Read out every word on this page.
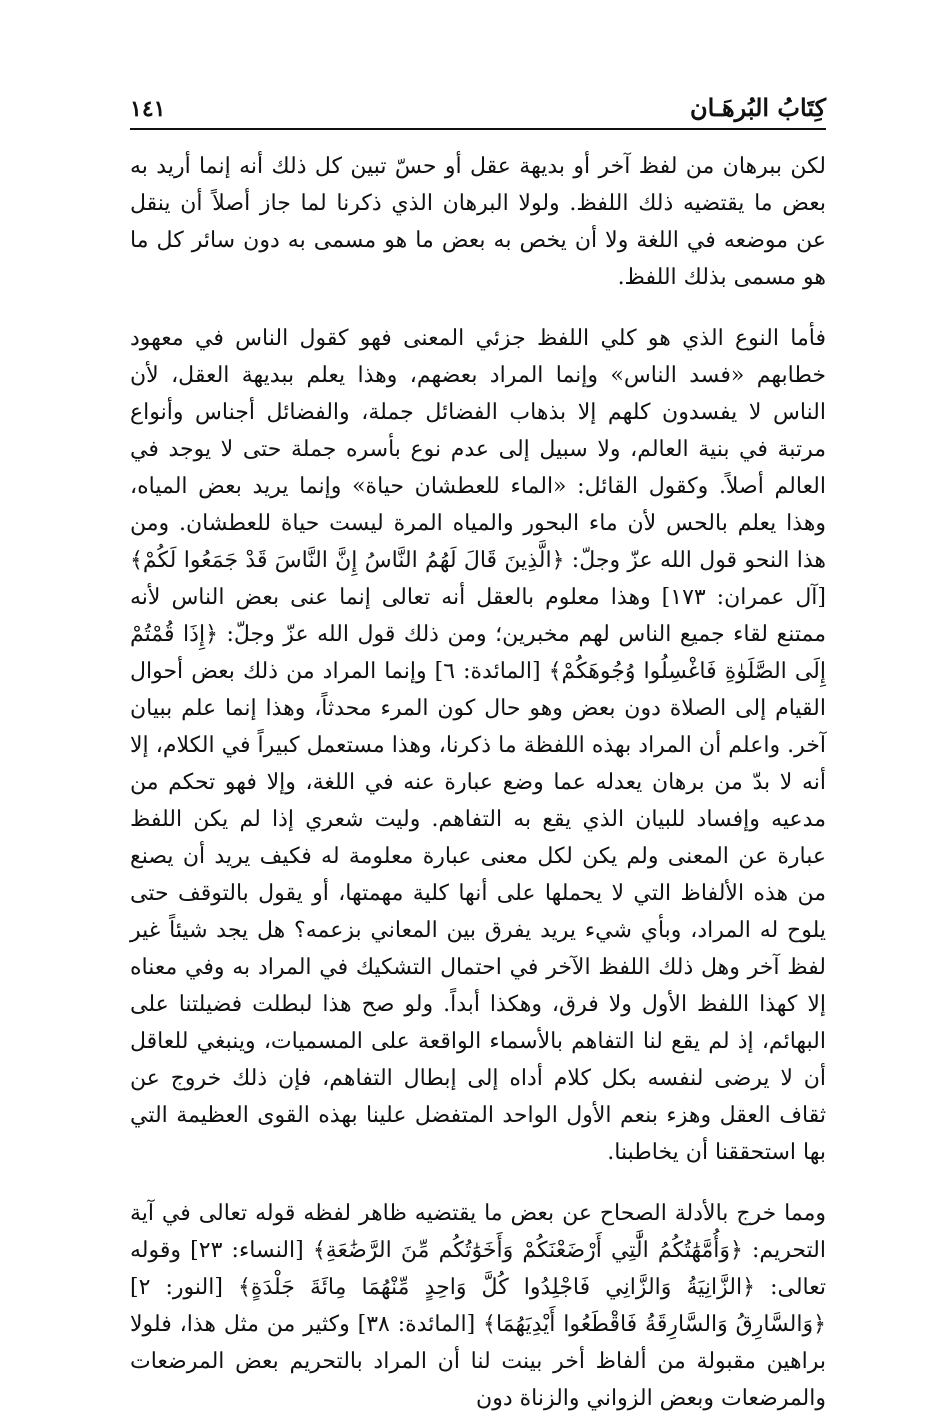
كِتَابُ البُرهَـان
١٤١

لكن ببرهان من لفظ آخر أو بديهة عقل أو حسّ تبين كل ذلك أنه إنما أريد به بعض ما يقتضيه ذلك اللفظ. ولولا البرهان الذي ذكرنا لما جاز أصلاً أن ينقل عن موضعه في اللغة ولا أن يخص به بعض ما هو مسمى به دون سائر كل ما هو مسمى بذلك اللفظ.

فأما النوع الذي هو كلي اللفظ جزئي المعنى فهو كقول الناس في معهود خطابهم «فسد الناس» وإنما المراد بعضهم، وهذا يعلم ببديهة العقل، لأن الناس لا يفسدون كلهم إلا بذهاب الفضائل جملة، والفضائل أجناس وأنواع مرتبة في بنية العالم، ولا سبيل إلى عدم نوع بأسره جملة حتى لا يوجد في العالم أصلاً. وكقول القائل: «الماء للعطشان حياة» وإنما يريد بعض المياه، وهذا يعلم بالحس لأن ماء البحور والمياه المرة ليست حياة للعطشان. ومن هذا النحو قول الله عزّ وجلّ: ﴿الَّذِينَ قَالَ لَهُمُ النَّاسُ إِنَّ النَّاسَ قَدْ جَمَعُوا لَكُمْ﴾ [آل عمران: ١٧٣] وهذا معلوم بالعقل أنه تعالى إنما عنى بعض الناس لأنه ممتنع لقاء جميع الناس لهم مخبرين؛ ومن ذلك قول الله عزّ وجلّ: ﴿إِذَا قُمْتُمْ إِلَى الصَّلَوٰةِ فَاغْسِلُوا وُجُوهَكُمْ﴾ [المائدة: ٦] وإنما المراد من ذلك بعض أحوال القيام إلى الصلاة دون بعض وهو حال كون المرء محدثاً، وهذا إنما علم ببيان آخر. واعلم أن المراد بهذه اللفظة ما ذكرنا، وهذا مستعمل كبيراً في الكلام، إلا أنه لا بدّ من برهان يعدله عما وضع عبارة عنه في اللغة، وإلا فهو تحكم من مدعيه وإفساد للبيان الذي يقع به التفاهم. وليت شعري إذا لم يكن اللفظ عبارة عن المعنى ولم يكن لكل معنى عبارة معلومة له فكيف يريد أن يصنع من هذه الألفاظ التي لا يحملها على أنها كلية مهمتها، أو يقول بالتوقف حتى يلوح له المراد، وبأي شيء يريد يفرق بين المعاني بزعمه؟ هل يجد شيئاً غير لفظ آخر وهل ذلك اللفظ الآخر في احتمال التشكيك في المراد به وفي معناه إلا كهذا اللفظ الأول ولا فرق، وهكذا أبداً. ولو صح هذا لبطلت فضيلتنا على البهائم، إذ لم يقع لنا التفاهم بالأسماء الواقعة على المسميات، وينبغي للعاقل أن لا يرضى لنفسه بكل كلام أداه إلى إبطال التفاهم، فإن ذلك خروج عن ثقاف العقل وهزء بنعم الأول الواحد المتفضل علينا بهذه القوى العظيمة التي بها استحققنا أن يخاطبنا.

ومما خرج بالأدلة الصحاح عن بعض ما يقتضيه ظاهر لفظه قوله تعالى في آية التحريم: ﴿وَأُمَّهَٰتُكُمُ الَّٰتِي أَرْضَعْنَكُمْ وَأَخَوَٰتُكُم مِّنَ الرَّضَٰعَةِ﴾ [النساء: ٢٣] وقوله تعالى: ﴿الزَّانِيَةُ وَالزَّانِي فَاجْلِدُوا كُلَّ وَاحِدٍ مِّنْهُمَا مِائَةَ جَلْدَةٍ﴾ [النور: ٢] ﴿وَالسَّارِقُ وَالسَّارِقَةُ فَاقْطَعُوا أَيْدِيَهُمَا﴾ [المائدة: ٣٨] وكثير من مثل هذا، فلولا براهين مقبولة من ألفاظ أخر بينت لنا أن المراد بالتحريم بعض المرضعات والمرضعات وبعض الزواني والزناة دون
